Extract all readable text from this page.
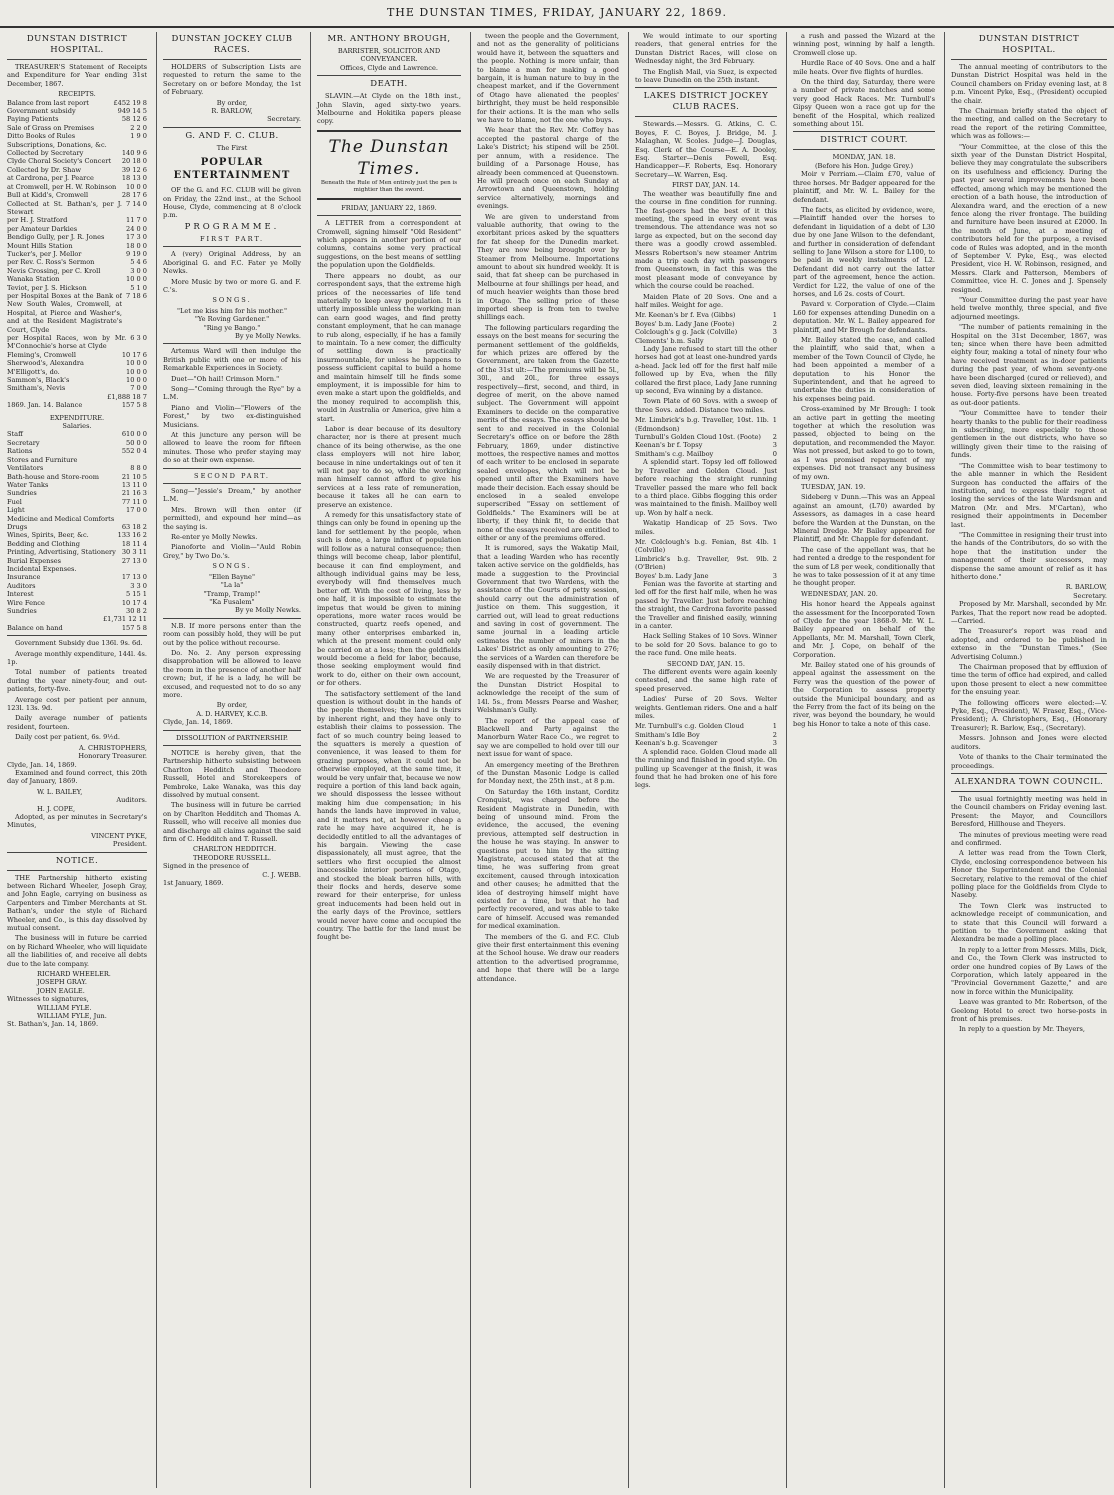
THE DUNSTAN TIMES, FRIDAY, JANUARY 22, 1869.
DUNSTAN DISTRICT HOSPITAL.

TREASURER'S Statement of Receipts and Expenditure for Year ending 31st December, 1867.

RECEIPTS.
Balance from last report	£452 19 8
Government subsidy	949 14 5
Paying Patients	58 12 6
Sale of Grass on Premises	2 2 0
Ditto Books of Rules	1 9 0
Subscriptions, Donations, &c.
Collected by Secretary	140 9 6
Clyde Choral Society's Concert	20 18 0
Collected by Dr. Shaw	39 12 6
at Cardrona, per J. Pearce	18 13 0
at Cromwell, per H. W. Robinson	10 0 0
Bull at Kidd's, Cromwell	28 17 6
Collected at St. Bathan's, per J. Stewart
7 14 0
per H. J. Stratford	11 7 0
per Amateur Darkies	24 0 0
Bendigo Gully, per J. R. Jones	17 3 0
Mount Hills Station	18 0 0
Tucker's, per J. Mellor	9 19 0
per Rev. C. Ross's Sermon	5 4 6
Nevis Crossing, per C. Kroll	3 0 0
Wanaka Station	10 0 0
Teviot, per J. S. Hickson	5 1 0
per Hospital Boxes at the Bank of New South Wales, Cromwell, at Hospital, at Pierce and Washer's, and at the Resident Magistrate's Court, Clyde
7 18 6
per Hospital Races, won by Mr. M'Connochie's horse at Clyde
6 3 0
Fleming's, Cromwell	10 17 6
Sherwood's, Alexandra	10 0 0
M'Elligott's, do.	10 0 0
Sammon's, Black's	10 0 0
Smitham's, Nevis	7 0 0
£1,888 18 7
1869. Jan. 14. Balance	157 5 8
EXPENDITURE.
Salaries.
Staff	610 0 0
Secretary	50 0 0
Rations	552 0 4
Stores and Furniture
Ventilators	8 8 0
Bath-house and Store-room	21 10 5
Water Tanks	13 11 0
Sundries	21 16 3
Fuel	77 11 0
Light	17 0 0
Medicine and Medical Comforts
Drugs	63 18 2
Wines, Spirits, Beer, &c.	133 16 2
Bedding and Clothing	18 11 4
Printing, Advertising, Stationery 30 3 11
Burial Expenses	27 13 0
Incidental Expenses.
Insurance	17 13 0
Auditors	3 3 0
Interest	5 15 1
Wire Fence	10 17 4
Sundries	30 8 2
£1,731 12 11
Balance on hand	157 5 8

Government Subsidy due 136l. 9s. 6d.

Average monthly expenditure, 144l. 4s. 1p.

Total number of patients treated during the year ninety-four, and out-patients, forty-five.

Average cost per patient per annum, 123l. 13s. 9d.

Daily average number of patients resident, fourteen.

Daily cost per patient, 6s. 9½d.

A. CHRISTOPHERS,
Honorary Treasurer.
Clyde, Jan. 14, 1869.

Examined and found correct, this 20th day of January, 1869.

W. L. BAILEY,
Auditors.
H. J. COPE,

Adopted, as per minutes in Secretary's Minutes,

VINCENT PYKE,
President.
NOTICE.

THE Partnership hitherto existing between Richard Wheeler, Joseph Gray, and John Eagle, carrying on business as Carpenters and Timber Merchants at St. Bathan's, under the style of Richard Wheeler, and Co., is this day dissolved by mutual consent.

The business will in future be carried on by Richard Wheeler, who will liquidate all the liabilities of, and receive all debts due to the late company.

RICHARD WHEELER.
JOSEPH GRAY.
JOHN EAGLE.
Witnesses to signatures,
WILLIAM FYLE.
WILLIAM FYLE, Jun.
St. Bathan's, Jan. 14, 1869.
DUNSTAN JOCKEY CLUB RACES.

HOLDERS of Subscription Lists are requested to return the same to the Secretary on or before Monday, the 1st of February.

By order,
R. BARLOW,
Secretary.
G. AND F. C. CLUB.
The First
POPULAR ENTERTAINMENT

OF the G. and F.C. CLUB will be given on Friday, the 22nd inst., at the School House, Clyde, commencing at 8 o'clock p.m.

PROGRAMME.
FIRST PART.

A (very) Original Address, by an Aboriginal G. and F.C. Fater ye Molly Newks.

More Music by two or more G. and F. C.'s.

SONGS.
"Let me kiss him for his mother."
"Ye Roving Gardener."
"Ring ye Bango."
By ye Molly Newks.

Artemus Ward will then indulge the British public with one or more of his Remarkable Experiences in Society.

Duet—"Oh hail! Crimson Morn."

Song—"Coming through the Rye" by a L.M.

Piano and Violin—"Flowers of the Forest," by two ex-distinguished Musicians.

At this juncture any person will be allowed to leave the room for fifteen minutes. Those who prefer staying may do so at their own expense.

SECOND PART.

Song—"Jessie's Dream," by another L.M.

Mrs. Brown will then enter (if permitted), and expound her mind—as the saying is.

Re-enter ye Molly Newks.

Pianoforte and Violin—"Auld Robin Grey," by Two Do.'s.

SONGS.
"Ellen Bayne"
"La la"
"Tramp, Tramp!"
"Ka Fusalem"
By ye Molly Newks.

N.B. If more persons enter than the room can possibly hold, they will be put out by the police without recourse.

Do. No. 2. Any person expressing disapprobation will be allowed to leave the room in the presence of another half crown; but, if he is a lady, he will be excused, and requested not to do so any more.

By order,
A. D. HARVEY, K.C.B.
Clyde, Jan. 14, 1869.
DISSOLUTION of PARTNERSHIP.

NOTICE is hereby given, that the Partnership hitherto subsisting between Charlton Hedditch and Theodore Russell, Hotel and Storekeepers of Pembroke, Lake Wanaka, was this day dissolved by mutual consent.

The business will in future be carried on by Charlton Hedditch and Thomas A. Russell, who will receive all monies due and discharge all claims against the said firm of C. Hedditch and T. Russell.

CHARLTON HEDDITCH.
THEODORE RUSSELL.
Signed in the presence of
C. J. WEBB.
1st January, 1869.
MR. ANTHONY BROUGH,
BARRISTER, SOLICITOR AND CONVEYANCER.
Offices, Clyde and Lawrence.
DEATH.

SLAVIN.—At Clyde on the 18th inst., John Slavin, aged sixty-two years. Melbourne and Hokitika papers please copy.

The Dunstan Times.
Beneath the Rule of Men entirely just the pen is mightier than the sword.
FRIDAY, JANUARY 22, 1869.

A LETTER from a correspondent at Cromwell, signing himself "Old Resident" which appears in another portion of our columns, contains some very practical suggestions, on the best means of settling the population upon the Goldfields.

There appears no doubt, as our correspondent says, that the extreme high prices of the necessaries of life tend materially to keep away population. It is utterly impossible unless the working man can earn good wages, and find pretty constant employment, that he can manage to rub along, especially, if he has a family to maintain. To a new comer, the difficulty of settling down is practically insurmountable, for unless he happens to possess sufficient capital to build a home and maintain himself till he finds some employment, it is impossible for him to even make a start upon the goldfields, and the money required to accomplish this, would in Australia or America, give him a start.

Labor is dear because of its desultory character, nor is there at present much chance of its being otherwise, as the one class employers will not hire labor, because in nine undertakings out of ten it will not pay to do so, while the working man himself cannot afford to give his services at a less rate of remuneration, because it takes all he can earn to preserve an existence.

A remedy for this unsatisfactory state of things can only be found in opening up the land for settlement by the people, when such is done, a large influx of population will follow as a natural consequence; then things will become cheap, labor plentiful, because it can find employment, and although individual gains may be less, everybody will find themselves much better off. With the cost of living, less by one half, it is impossible to estimate the impetus that would be given to mining operations, more water races would be constructed, quartz reefs opened, and many other enterprises embarked in, which at the present moment could only be carried on at a loss; then the goldfields would become a field for labor, because, those seeking employment would find work to do, either on their own account, or for others.

The satisfactory settlement of the land question is without doubt in the hands of the people themselves; the land is theirs by inherent right, and they have only to establish their claims to possession. The fact of so much country being leased to the squatters is merely a question of convenience, it was leased to them for grazing purposes, when it could not be otherwise employed, at the same time, it would be very unfair that, because we now require a portion of this land back again, we should dispossess the lessee without making him due compensation; in his hands the lands have improved in value, and it matters not, at however cheap a rate he may have acquired it, he is decidedly entitled to all the advantages of his bargain. Viewing the case dispassionately, all must agree, that the settlers who first occupied the almost inaccessible interior portions of Otago, and stocked the bleak barren hills, with their flocks and herds, deserve some reward for their enterprise, for unless great inducements had been held out in the early days of the Province, settlers would never have come and occupied the country. The battle for the land must be fought be-

tween the people and the Government, and not as the generality of politicians would have it, between the squatters and the people. Nothing is more unfair, than to blame a man for making a good bargain, it is human nature to buy in the cheapest market, and if the Government of Otago have alienated the peoples' birthright, they must be held responsible for their actions. It is the man who sells we have to blame, not the one who buys.

We hear that the Rev. Mr. Coffey has accepted the pastoral charge of the Lake's District; his stipend will be 250l. per annum, with a residence. The building of a Parsonage House, has already been commenced at Queenstown. He will preach once on each Sunday at Arrowtown and Queenstown, holding service alternatively, mornings and evenings.

We are given to understand from valuable authority, that owing to the exorbitant prices asked by the squatters for fat sheep for the Dunedin market. They are now being brought over by Steamer from Melbourne. Importations amount to about six hundred weekly. It is said, that fat sheep can be purchased in Melbourne at four shillings per head, and of much heavier weights than those bred in Otago. The selling price of these imported sheep is from ten to twelve shillings each.

The following particulars regarding the essays on the best means for securing the permanent settlement of the goldfields, for which prizes are offered by the Government, are taken from the Gazette of the 31st ult:—The premiums will be 5l., 30l., and 20l., for three essays respectively—first, second, and third, in degree of merit, on the above named subject. The Government will appoint Examiners to decide on the comparative merits of the essays. The essays should be sent to and received in the Colonial Secretary's office on or before the 28th February, 1869, under distinctive mottoes, the respective names and mottos of each writer to be enclosed in separate sealed envelopes, which will not be opened until after the Examiners have made their decision. Each essay should be enclosed in a sealed envelope superscribed "Essay on settlement of Goldfields." The Examiners will be at liberty, if they think fit, to decide that none of the essays received are entitled to either or any of the premiums offered.

It is rumored, says the Wakatip Mail, that a leading Warden who has recently taken active service on the goldfields, has made a suggestion to the Provincial Government that two Wardens, with the assistance of the Courts of petty session, should carry out the administration of justice on them. This suggestion, it carried out, will lead to great reductions and saving in cost of government. The same journal in a leading article estimates the number of miners in the Lakes' District as only amounting to 276; the services of a Warden can therefore be easily dispensed with in that district.

We are requested by the Treasurer of the Dunstan District Hospital to acknowledge the receipt of the sum of 14l. 5s., from Messrs Pearse and Washer, Welshman's Gully.

The report of the appeal case of Blackwell and Party against the Manorburn Water Race Co., we regret to say we are compelled to hold over till our next issue for want of space.

An emergency meeting of the Brethren of the Dunstan Masonic Lodge is called for Monday next, the 25th inst., at 8 p.m.

On Saturday the 16th instant, Corditz Cronquist, was charged before the Resident Magistrate in Dunedin, with being of unsound mind. From the evidence, the accused, the evening previous, attempted self destruction in the house he was staying. In answer to questions put to him by the sitting Magistrate, accused stated that at the time, he was suffering from great excitement, caused through intoxication and other causes; he admitted that the idea of destroying himself might have existed for a time, but that he had perfectly recovered, and was able to take care of himself. Accused was remanded for medical examination.

The members of the G. and F.C. Club give their first entertainment this evening at the School house. We draw our readers attention to the advertised programme, and hope that there will be a large attendance.

We would intimate to our sporting readers, that general entries for the Dunstan District Races, will close on Wednesday night, the 3rd February.

The English Mail, via Suez, is expected to leave Dunedin on the 25th instant.

LAKES DISTRICT JOCKEY CLUB RACES.

Stewards.—Messrs. G. Atkins, C. C. Boyes, F. C. Boyes, J. Bridge, M. J. Malaghan, W. Scoles. Judge—J. Douglas, Esq. Clerk of the Course—E. A. Dooley, Esq. Starter—Denis Powell, Esq. Handicapper—F. Roberts, Esq. Honorary Secretary—W. Warren, Esq.

FIRST DAY, JAN. 14.

The weather was beautifully fine and the course in fine condition for running. The fast-goers had the best of it this meeting, the speed in every event was tremendous. The attendance was not so large as expected, but on the second day there was a goodly crowd assembled. Messrs Robertson's new steamer Antrim made a trip each day with passengers from Queenstown, in fact this was the most pleasant mode of conveyance by which the course could be reached.

Maiden Plate of 20 Sovs. One and a half miles. Weight for age.

Mr. Keenan's br f. Eva (Gibbs)	1
Boyes' b.m. Lady Jane (Foote)	2
Colclough's g g. Jack (Colville)	3
Clements' b.m. Sally	0

Lady Jane refused to start till the other horses had got at least one-hundred yards a-head. Jack led off for the first half mile followed up by Eva, when the filly collared the first place, Lady Jane running up second, Eva winning by a distance.

Town Plate of 60 Sovs. with a sweep of three Sovs. added. Distance two miles.

Mr. Limbrick's b.g. Traveller, 10st. 1lb. (Edmondson)
1
Turnbull's Golden Cloud 10st. (Foote)	2
Keenan's br f. Topsy	3
Smitham's c.g. Mailboy	0

A splendid start. Topsy led off followed by Traveller and Golden Cloud. Just before reaching the straight running Traveller passed the mare who fell back to a third place. Gibbs flogging this order was maintained to the finish. Mailboy well up. Won by half a neck.

Wakatip Handicap of 25 Sovs. Two miles.

Mr. Colclough's b.g. Fenian, 8st 4lb. (Colville)
1
Limbrick's b.g. Traveller, 9st. 9lb. (O'Brien)
2
Boyes' b.m. Lady Jane	3

Fenian was the favorite at starting and led off for the first half mile, when he was passed by Traveller. Just before reaching the straight, the Cardrona favorite passed the Traveller and finished easily, winning in a canter.

Hack Selling Stakes of 10 Sovs. Winner to be sold for 20 Sovs. balance to go to the race fund. One mile heats.

SECOND DAY, JAN. 15.

The different events were again keenly contested, and the same high rate of speed preserved.

Ladies' Purse of 20 Sovs. Welter weights. Gentleman riders. One and a half miles.

Mr. Turnbull's c.g. Golden Cloud	1
Smitham's Idle Boy	2
Keenan's b.g. Scavenger	3

A splendid race. Golden Cloud made all the running and finished in good style. On pulling up Scavenger at the finish, it was found that he had broken one of his fore legs.

a rush and passed the Wizard at the winning post, winning by half a length. Cromwell close up.

Hurdle Race of 40 Sovs. One and a half mile heats. Over five flights of hurdles.

On the third day, Saturday, there were a number of private matches and some very good Hack Races. Mr. Turnbull's Gipsy Queen won a race got up for the benefit of the Hospital, which realized something about 15l.

DISTRICT COURT.
MONDAY, JAN. 18.
(Before his Hon. Judge Grey.)

Moir v Perriam.—Claim £70, value of three horses. Mr Badger appeared for the plaintiff, and Mr. W. L. Bailey for the defendant.

The facts, as elicited by evidence, were,—Plaintiff handed over the horses to defendant in liquidation of a debt of L30 due by one Jane Wilson to the defendant, and further in consideration of defendant selling to Jane Wilson a store for L100, to be paid in weekly instalments of L2. Defendant did not carry out the latter part of the agreement, hence the action. Verdict for L22, the value of one of the horses, and L6 2s. costs of Court.

Pavard v. Corporation of Clyde.—Claim L60 for expenses attending Dunedin on a deputation. Mr. W. L. Bailey appeared for plaintiff, and Mr Brough for defendants.

Mr. Bailey stated the case, and called the plaintiff, who said that, when a member of the Town Council of Clyde, he had been appointed a member of a deputation to his Honor the Superintendent, and that he agreed to undertake the duties in consideration of his expenses being paid.

Cross-examined by Mr Brough: I took an active part in getting the meeting together at which the resolution was passed, objected to being on the deputation, and recommended the Mayor. Was not pressed, but asked to go to town, as I was promised repayment of my expenses. Did not transact any business of my own.

TUESDAY, JAN. 19.

Sideberg v Dunn.—This was an Appeal against an amount, (L70) awarded by Assessors, as damages in a case heard before the Warden at the Dunstan, on the Mineral Dredge. Mr Bailey appeared for Plaintiff, and Mr. Chapple for defendant.

The case of the appellant was, that he had rented a dredge to the respondent for the sum of L8 per week, conditionally that he was to take possession of it at any time he thought proper.

WEDNESDAY, JAN. 20.

His honor heard the Appeals against the assessment for the Incorporated Town of Clyde for the year 1868-9. Mr. W. L. Bailey appeared on behalf of the Appellants, Mr. M. Marshall, Town Clerk, and Mr. J. Cope, on behalf of the Corporation.

Mr. Bailey stated one of his grounds of appeal against the assessment on the Ferry was the question of the power of the Corporation to assess property outside the Municipal boundary, and as the Ferry from the fact of its being on the river, was beyond the boundary, he would beg his Honor to take a note of this case.

DUNSTAN DISTRICT HOSPITAL.

The annual meeting of contributors to the Dunstan District Hospital was held in the Council chambers on Friday evening last, at 8 p.m. Vincent Pyke, Esq., (President) occupied the chair.

The Chairman briefly stated the object of the meeting, and called on the Secretary to read the report of the retiring Committee, which was as follows:—

"Your Committee, at the close of this the sixth year of the Dunstan District Hospital, believe they may congratulate the subscribers on its usefulness and efficiency. During the past year several improvements have been effected, among which may be mentioned the erection of a bath house, the introduction of Alexandra ward, and the erection of a new fence along the river frontage. The building and furniture have been insured at £2000. In the month of June, at a meeting of contributors held for the purpose, a revised code of Rules was adopted, and in the month of September V. Pyke, Esq., was elected President, vice H. W. Robinson, resigned, and Messrs. Clark and Patterson, Members of Committee, vice H. C. Jones and J. Spensely resigned.

"Your Committee during the past year have held twelve monthly, three special, and five adjourned meetings.

"The number of patients remaining in the Hospital on the 31st December, 1867, was ten; since when there have been admitted eighty four, making a total of ninety four who have received treatment as in-door patients during the past year, of whom seventy-one have been discharged (cured or relieved), and seven died, leaving sixteen remaining in the house. Forty-five persons have been treated as out-door patients.

"Your Committee have to tender their hearty thanks to the public for their readiness in subscribing, more especially to those gentlemen in the out districts, who have so willingly given their time to the raising of funds.

"The Committee wish to bear testimony to the able manner in which the Resident Surgeon has conducted the affairs of the institution, and to express their regret at losing the services of the late Wardsman and Matron (Mr. and Mrs. M'Cartan), who resigned their appointments in December last.

"The Committee in resigning their trust into the hands of the Contributors, do so with the hope that the institution under the management of their successors, may dispense the same amount of relief as it has hitherto done."

R. BARLOW,
Secretary.

Proposed by Mr. Marshall, seconded by Mr. Parkes, That the report now read be adopted.—Carried.

The Treasurer's report was read and adopted, and ordered to be published in extenso in the "Dunstan Times." (See Advertising Column.)

The Chairman proposed that by effluxion of time the term of office had expired, and called upon those present to elect a new committee for the ensuing year.

The following officers were elected:—V. Pyke, Esq., (President), W. Fraser, Esq., (Vice-President); A. Christophers, Esq., (Honorary Treasurer); R. Barlow, Esq., (Secretary).

Messrs. Johnson and Jones were elected auditors.

Vote of thanks to the Chair terminated the proceedings.

ALEXANDRA TOWN COUNCIL.

The usual fortnightly meeting was held in the Council chambers on Friday evening last. Present: the Mayor, and Councillors Beresford, Hillhouse and Theyers.

The minutes of previous meeting were read and confirmed.

A letter was read from the Town Clerk, Clyde, enclosing correspondence between his Honor the Superintendent and the Colonial Secretary, relative to the removal of the chief polling place for the Goldfields from Clyde to Naseby.

The Town Clerk was instructed to acknowledge receipt of communication, and to state that this Council will forward a petition to the Government asking that Alexandra be made a polling place.

In reply to a letter from Messrs. Mills, Dick, and Co., the Town Clerk was instructed to order one hundred copies of By Laws of the Corporation, which lately appeared in the "Provincial Government Gazette," and are now in force within the Municipality.

Leave was granted to Mr. Robertson, of the Geelong Hotel to erect two horse-posts in front of his premises.

In reply to a question by Mr. Theyers,
